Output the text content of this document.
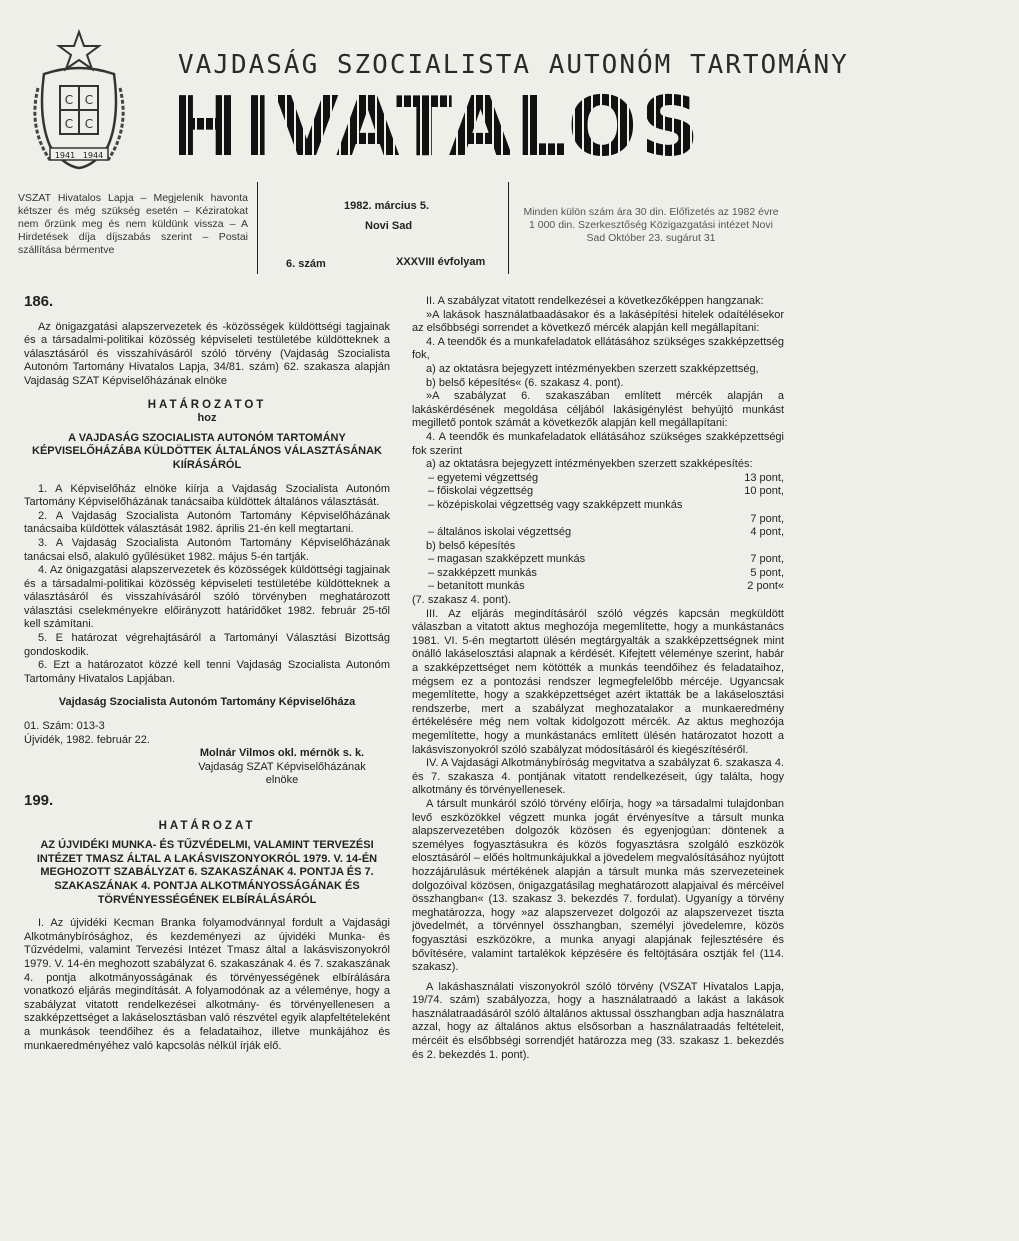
С С
С С
1941 1944
VAJDASÁG SZOCIALISTA AUTONÓM TARTOMÁNY
HIVATALOS LAPJA
VSZAT Hivatalos Lapja – Megjelenik havonta kétszer és még szükség esetén – Kéziratokat nem őrzünk meg és nem küldünk vissza – A Hirdetések díja díjszabás szerint – Postai szállítása bérmentve
1982. március 5.
Novi Sad
6. szám	XXXVIII évfolyam
Minden külön szám ára 30 din. Előfizetés az 1982 évre 1 000 din. Szerkesztőség Közigazgatási intézet Novi Sad Október 23. sugárut 31
186.

Az önigazgatási alapszervezetek és -közösségek küldöttségi tagjainak és a társadalmi-politikai közösség képviseleti testületébe küldötteknek a választásáról és visszahívásáról szóló törvény (Vajdaság Szocialista Autonóm Tartomány Hivatalos Lapja, 34/81. szám) 62. szakasza alapján Vajdaság SZAT Képviselőházának elnöke

HATÁROZATOT
hoz
A VAJDASÁG SZOCIALISTA AUTONÓM TARTOMÁNY KÉPVISELŐHÁZÁBA KÜLDÖTTEK ÁLTALÁNOS VÁLASZTÁSÁNAK KIÍRÁSÁRÓL

1. A Képviselőház elnöke kiírja a Vajdaság Szocialista Autonóm Tartomány Képviselőházának tanácsaiba küldöttek általános választását.

2. A Vajdaság Szocialista Autonóm Tartomány Képviselőházának tanácsaiba küldöttek választását 1982. április 21-én kell megtartani.

3. A Vajdaság Szocialista Autonóm Tartomány Képviselőházának tanácsai első, alakuló gyűlésüket 1982. május 5-én tartják.

4. Az önigazgatási alapszervezetek és közösségek küldöttségi tagjainak és a társadalmi-politikai közösség képviseleti testületébe küldötteknek a választásáról és visszahívásáról szóló törvényben meghatározott választási cselekményekre előirányzott határidőket 1982. február 25-től kell számítani.

5. E határozat végrehajtásáról a Tartományi Választási Bizottság gondoskodik.

6. Ezt a határozatot közzé kell tenni Vajdaság Szocialista Autonóm Tartomány Hivatalos Lapjában.

Vajdaság Szocialista Autonóm Tartomány Képviselőháza
01. Szám: 013-3
Újvidék, 1982. február 22.
Molnár Vilmos okl. mérnök s. k.
Vajdaság SZAT Képviselőházának
elnöke
199.
HATÁROZAT
AZ ÚJVIDÉKI MUNKA- ÉS TŰZVÉDELMI, VALAMINT TERVEZÉSI INTÉZET TMASZ ÁLTAL A LAKÁSVISZONYOKRÓL 1979. V. 14-ÉN MEGHOZOTT SZABÁLYZAT 6. SZAKASZÁNAK 4. PONTJA ÉS 7. SZAKASZÁNAK 4. PONTJA ALKOTMÁNYOSSÁGÁNAK ÉS TÖRVÉNYESSÉGÉNEK ELBÍRÁLÁSÁRÓL

I. Az újvidéki Kecman Branka folyamodvánnyal fordult a Vajdasági Alkotmánybírósághoz, és kezdeményezi az újvidéki Munka- és Tűzvédelmi, valamint Tervezési Intézet Tmasz által a lakásviszonyokról 1979. V. 14-én meghozott szabályzat 6. szakaszának 4. és 7. szakaszának 4. pontja alkotmányosságának és törvényességének elbírálására vonatkozó eljárás megindítását. A folyamodónak az a véleménye, hogy a szabályzat vitatott rendelkezései alkotmány- és törvényellenesen a szakképzettséget a lakáselosztásban való részvétel egyik alapfeltételeként a munkások teendőihez és a feladataihoz, illetve munkájához és munkaeredményéhez való kapcsolás nélkül írják elő.

II. A szabályzat vitatott rendelkezései a következőképpen hangzanak:

»A lakások használatbaadásakor és a lakásépítési hitelek odaítélésekor az elsőbbségi sorrendet a következő mércék alapján kell megállapítani:

4. A teendők és a munkafeladatok ellátásához szükséges szakképzettség fok,

a) az oktatásra bejegyzett intézményekben szerzett szakképzettség,

b) belső képesítés« (6. szakasz 4. pont).

»A szabályzat 6. szakaszában említett mércék alapján a lakáskérdésének megoldása céljából lakásigénylést behyújtó munkást megillető pontok számát a következők alapján kell megállapítani:

4. A teendők és munkafeladatok ellátásához szükséges szakképzettségi fok szerint

a) az oktatásra bejegyzett intézményekben szerzett szakképesítés:

– egyetemi végzettség	13 pont,
– főiskolai végzettség	10 pont,
– középiskolai végzettség vagy szakképzett munkás
7 pont,
– általános iskolai végzettség	4 pont,

b) belső képesítés

– magasan szakképzett munkás	7 pont,
– szakképzett munkás	5 pont,
– betanított munkás	2 pont«

(7. szakasz 4. pont).

III. Az eljárás megindításáról szóló végzés kapcsán megküldött válaszban a vitatott aktus meghozója megemlítette, hogy a munkástanács 1981. VI. 5-én megtartott ülésén megtárgyalták a szakképzettségnek mint önálló lakáselosztási alapnak a kérdését. Kifejtett véleménye szerint, habár a szakképzettséget nem kötötték a munkás teendőihez és feladataihoz, mégsem ez a pontozási rendszer legmegfelelőbb mércéje. Ugyancsak megemlítette, hogy a szakképzettséget azért iktatták be a lakáselosztási rendszerbe, mert a szabályzat meghozatalakor a munkaeredmény értékelésére még nem voltak kidolgozott mércék. Az aktus meghozója megemlítette, hogy a munkástanács említett ülésén határozatot hozott a lakásviszonyokról szóló szabályzat módosításáról és kiegészítéséről.

IV. A Vajdasági Alkotmánybíróság megvitatva a szabályzat 6. szakasza 4. és 7. szakasza 4. pontjának vitatott rendelkezéseit, úgy találta, hogy alkotmány és törvényellenesek.

A társult munkáról szóló törvény előírja, hogy »a társadalmi tulajdonban levő eszközökkel végzett munka jogát érvényesítve a társult munka alapszervezetében dolgozók közösen és egyenjogúan: döntenek a személyes fogyasztásukra és közös fogyasztásra szolgáló eszközök elosztásáról – előés holtmunkájukkal a jövedelem megvalósításához nyújtott hozzájárulásuk mértékének alapján a társult munka más szervezeteinek dolgozóival közösen, önigazgatásilag meghatározott alapjaival és mércéivel összhangban« (13. szakasz 3. bekezdés 7. fordulat). Ugyanígy a törvény meghatározza, hogy »az alapszervezet dolgozói az alapszervezet tiszta jövedelmét, a törvénnyel összhangban, személyi jövedelemre, közös fogyasztási eszközökre, a munka anyagi alapjának fejlesztésére és bővítésére, valamint tartalékok képzésére és feltöjtására osztják fel (114. szakasz).

A lakáshasználati viszonyokról szóló törvény (VSZAT Hivatalos Lapja, 19/74. szám) szabályozza, hogy a használatraadó a lakást a lakások használatraadásáról szóló általános aktussal összhangban adja használatra azzal, hogy az általános aktus elsősorban a használatraadás feltételeit, mércéit és elsőbbségi sorrendjét határozza meg (33. szakasz 1. bekezdés és 2. bekezdés 1. pont).
